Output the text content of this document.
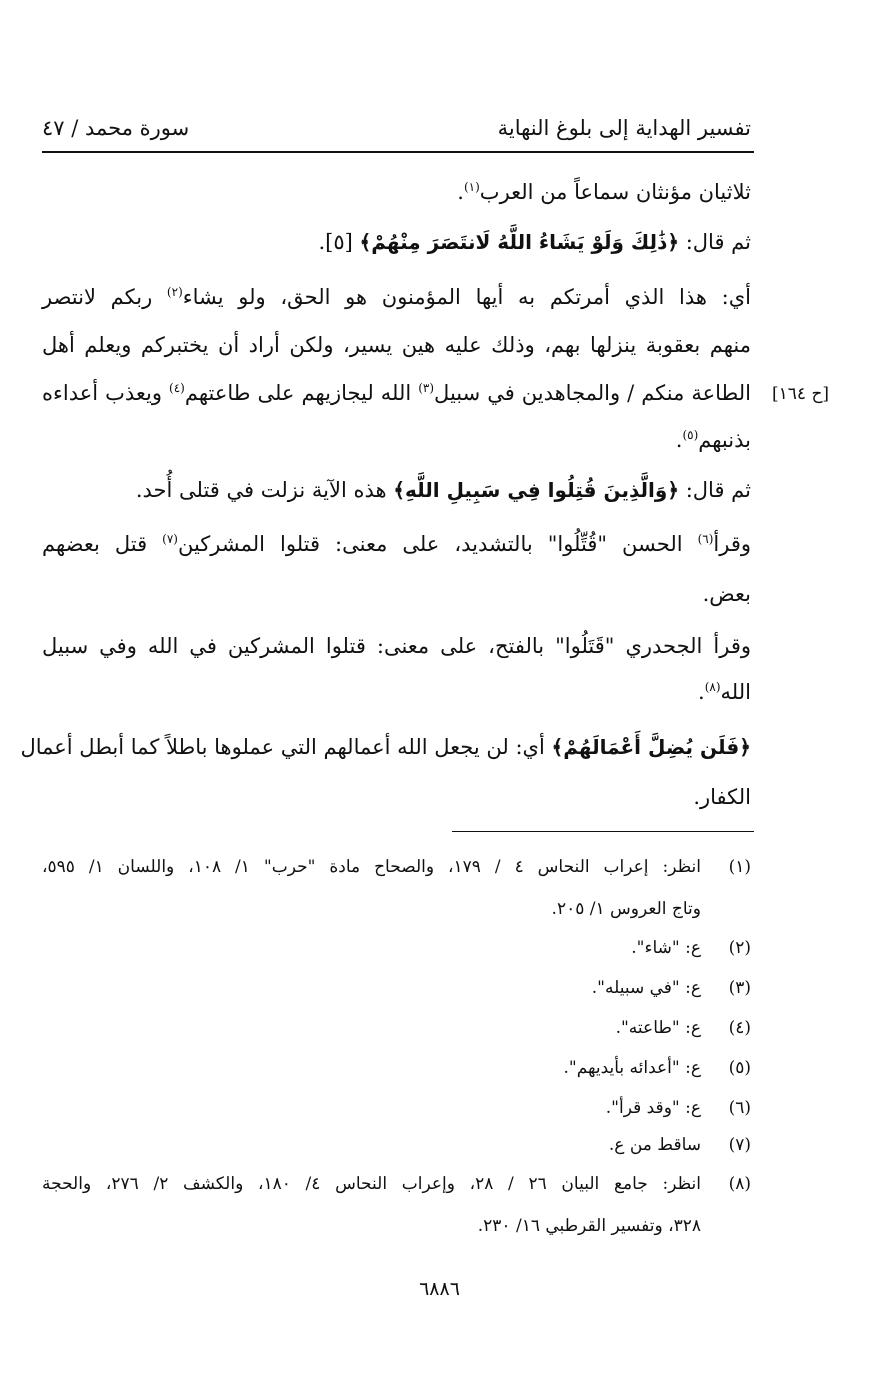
تفسير الهداية إلى بلوغ النهاية
سورة محمد / ٤٧
ثلاثيان مؤنثان سماعاً من العرب$^{(١)}$.
ثم قال: ﴿ذَٰلِكَ وَلَوْ يَشَاءُ اللَّهُ لَانتَصَرَ مِنْهُمْ﴾ [٥].
أي: هذا الذي أمرتكم به أيها المؤمنون هو الحق، ولو يشاء$^{(٢)}$ ربكم لانتصر
منهم بعقوبة ينزلها بهم، وذلك عليه هين يسير، ولكن أراد أن يختبركم ويعلم أهل
الطاعة منكم / والمجاهدين في سبيل$^{(٣)}$ الله ليجازيهم على طاعتهم$^{(٤)}$ ويعذب أعداءه	[ح ١٦٤]
بذنبهم$^{(٥)}$.
ثم قال: ﴿وَالَّذِينَ قُتِلُوا فِي سَبِيلِ اللَّهِ﴾ هذه الآية نزلت في قتلى أُحد.
وقرأ$^{(٦)}$ الحسن "قُتِّلُوا" بالتشديد، على معنى: قتلوا المشركين$^{(٧)}$ قتل بعضهم
بعض.
وقرأ الجحدري "قَتَلُوا" بالفتح، على معنى: قتلوا المشركين في الله وفي سبيل
الله$^{(٨)}$.
﴿فَلَن يُضِلَّ أَعْمَالَهُمْ﴾ أي: لن يجعل الله أعمالهم التي عملوها باطلاً كما أبطل أعمال
الكفار.
(١)
انظر: إعراب النحاس ٤ / ١٧٩، والصحاح مادة "حرب" ١/ ١٠٨، واللسان ١/ ٥٩٥،
وتاج العروس ١/ ٢٠٥.
(٢)
ع: "شاء".
(٣)
ع: "في سبيله".
(٤)
ع: "طاعته".
(٥)
ع: "أعدائه بأيديهم".
(٦)
ع: "وقد قرأ".
(٧)
ساقط من ع.
(٨)
انظر: جامع البيان ٢٦ / ٢٨، وإعراب النحاس ٤/ ١٨٠، والكشف ٢/ ٢٧٦، والحجة
٣٢٨، وتفسير القرطبي ١٦/ ٢٣٠.
٦٨٨٦
